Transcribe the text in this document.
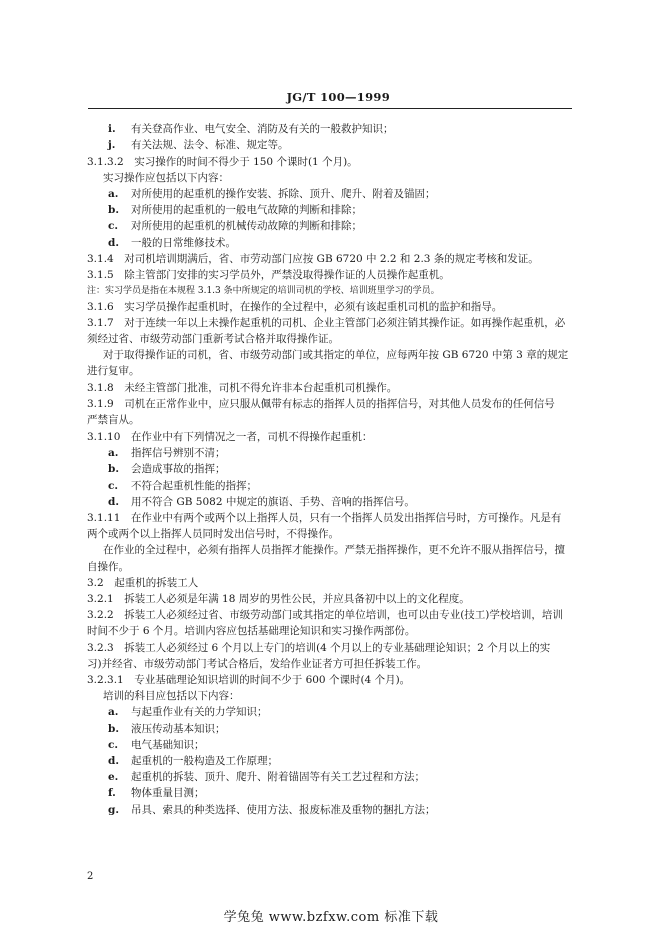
JG/T 100—1999
i. 有关登高作业、电气安全、消防及有关的一般救护知识；
j. 有关法规、法令、标准、规定等。
3.1.3.2　实习操作的时间不得少于 150 个课时(1 个月)。
实习操作应包括以下内容：
a. 对所使用的起重机的操作安装、拆除、顶升、爬升、附着及锚固；
b. 对所使用的起重机的一般电气故障的判断和排除；
c. 对所使用的起重机的机械传动故障的判断和排除；
d. 一般的日常维修技术。
3.1.4　对司机培训期满后，省、市劳动部门应按 GB 6720 中 2.2 和 2.3 条的规定考核和发证。
3.1.5　除主管部门安排的实习学员外，严禁没取得操作证的人员操作起重机。
注：实习学员是指在本规程 3.1.3 条中所规定的培训司机的学校、培训班里学习的学员。
3.1.6　实习学员操作起重机时，在操作的全过程中，必须有该起重机司机的监护和指导。
3.1.7　对于连续一年以上未操作起重机的司机、企业主管部门必须注销其操作证。如再操作起重机，必
须经过省、市级劳动部门重新考试合格并取得操作证。
对于取得操作证的司机，省、市级劳动部门或其指定的单位，应每两年按 GB 6720 中第 3 章的规定
进行复审。
3.1.8　未经主管部门批准，司机不得允许非本台起重机司机操作。
3.1.9　司机在正常作业中，应只服从佩带有标志的指挥人员的指挥信号，对其他人员发布的任何信号
严禁盲从。
3.1.10　在作业中有下列情况之一者，司机不得操作起重机：
a. 指挥信号辨别不清；
b. 会造成事故的指挥；
c. 不符合起重机性能的指挥；
d. 用不符合 GB 5082 中规定的旗语、手势、音响的指挥信号。
3.1.11　在作业中有两个或两个以上指挥人员，只有一个指挥人员发出指挥信号时，方可操作。凡是有
两个或两个以上指挥人员同时发出信号时，不得操作。
在作业的全过程中，必须有指挥人员指挥才能操作。严禁无指挥操作，更不允许不服从指挥信号，擅
自操作。
3.2　起重机的拆装工人
3.2.1　拆装工人必须是年满 18 周岁的男性公民，并应具备初中以上的文化程度。
3.2.2　拆装工人必须经过省、市级劳动部门或其指定的单位培训，也可以由专业(技工)学校培训，培训
时间不少于 6 个月。培训内容应包括基础理论知识和实习操作两部份。
3.2.3　拆装工人必须经过 6 个月以上专门的培训(4 个月以上的专业基础理论知识；2 个月以上的实
习)并经省、市级劳动部门考试合格后，发给作业证者方可担任拆装工作。
3.2.3.1　专业基础理论知识培训的时间不少于 600 个课时(4 个月)。
培训的科目应包括以下内容：
a. 与起重作业有关的力学知识；
b. 液压传动基本知识；
c. 电气基础知识；
d. 起重机的一般构造及工作原理；
e. 起重机的拆装、顶升、爬升、附着锚固等有关工艺过程和方法；
f. 物体重量目测；
g. 吊具、索具的种类选择、使用方法、报废标准及重物的捆扎方法；
2
学兔兔 www.bzfxw.com 标准下载
